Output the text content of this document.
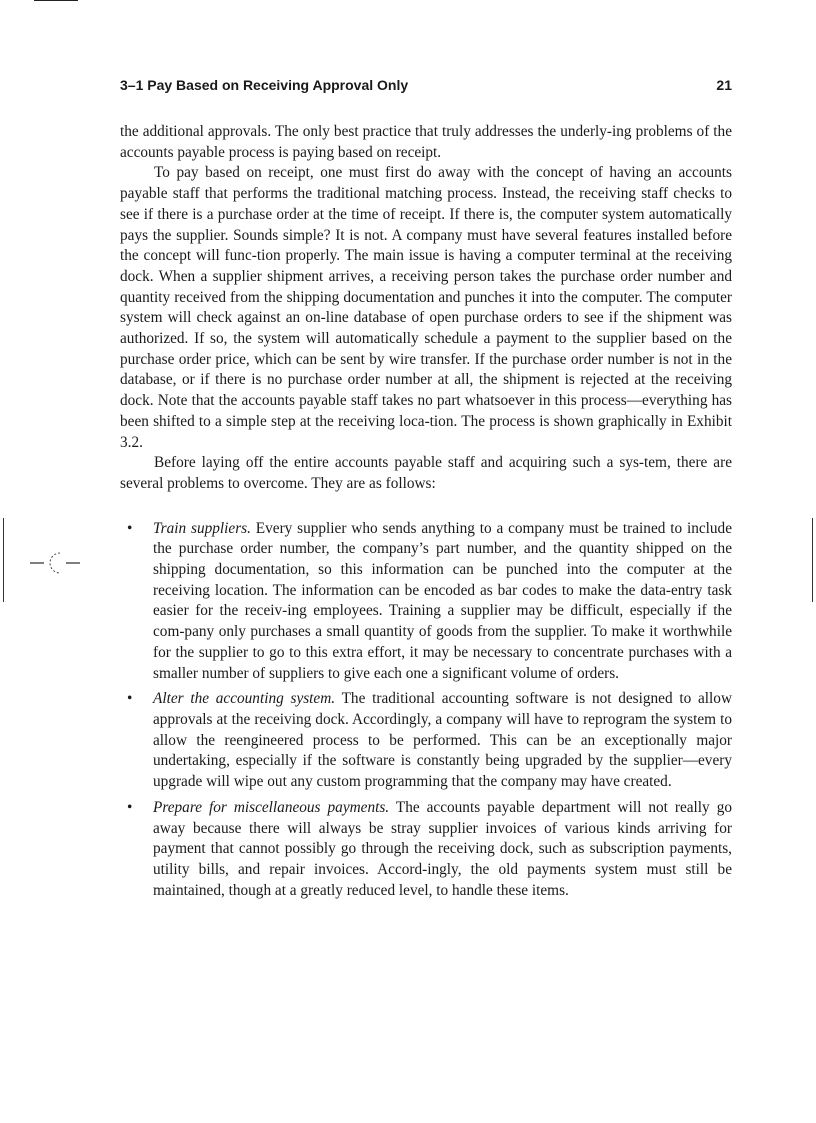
3–1 Pay Based on Receiving Approval Only	21

the additional approvals. The only best practice that truly addresses the underly-ing problems of the accounts payable process is paying based on receipt.

To pay based on receipt, one must first do away with the concept of having an accounts payable staff that performs the traditional matching process. Instead, the receiving staff checks to see if there is a purchase order at the time of receipt. If there is, the computer system automatically pays the supplier. Sounds simple? It is not. A company must have several features installed before the concept will func-tion properly. The main issue is having a computer terminal at the receiving dock. When a supplier shipment arrives, a receiving person takes the purchase order number and quantity received from the shipping documentation and punches it into the computer. The computer system will check against an on-line database of open purchase orders to see if the shipment was authorized. If so, the system will automatically schedule a payment to the supplier based on the purchase order price, which can be sent by wire transfer. If the purchase order number is not in the database, or if there is no purchase order number at all, the shipment is rejected at the receiving dock. Note that the accounts payable staff takes no part whatsoever in this process—everything has been shifted to a simple step at the receiving loca-tion. The process is shown graphically in Exhibit 3.2.

Before laying off the entire accounts payable staff and acquiring such a sys-tem, there are several problems to overcome. They are as follows:

• Train suppliers. Every supplier who sends anything to a company must be trained to include the purchase order number, the company’s part number, and the quantity shipped on the shipping documentation, so this information can be punched into the computer at the receiving location. The information can be encoded as bar codes to make the data-entry task easier for the receiv-ing employees. Training a supplier may be difficult, especially if the com-pany only purchases a small quantity of goods from the supplier. To make it worthwhile for the supplier to go to this extra effort, it may be necessary to concentrate purchases with a smaller number of suppliers to give each one a significant volume of orders.
• Alter the accounting system. The traditional accounting software is not designed to allow approvals at the receiving dock. Accordingly, a company will have to reprogram the system to allow the reengineered process to be performed. This can be an exceptionally major undertaking, especially if the software is constantly being upgraded by the supplier—every upgrade will wipe out any custom programming that the company may have created.
• Prepare for miscellaneous payments. The accounts payable department will not really go away because there will always be stray supplier invoices of various kinds arriving for payment that cannot possibly go through the receiving dock, such as subscription payments, utility bills, and repair invoices. Accord-ingly, the old payments system must still be maintained, though at a greatly reduced level, to handle these items.
